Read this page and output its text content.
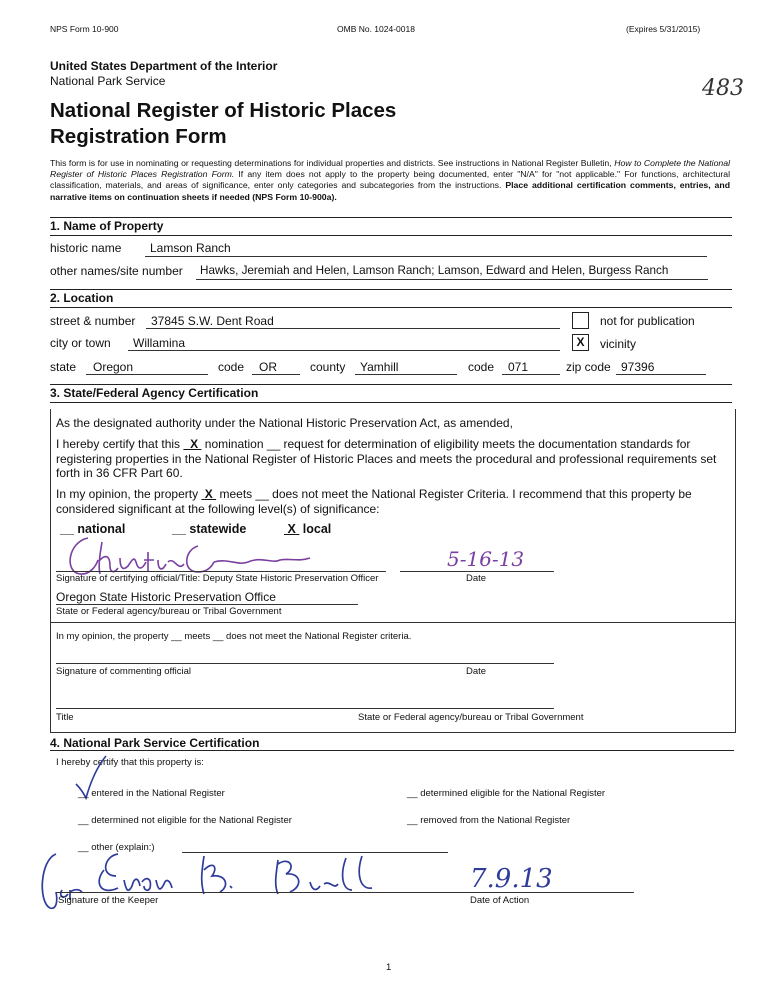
NPS Form 10-900	OMB No. 1024-0018	(Expires 5/31/2015)
483
United States Department of the Interior
National Park Service
National Register of Historic Places
Registration Form
This form is for use in nominating or requesting determinations for individual properties and districts. See instructions in National Register Bulletin, How to Complete the National Register of Historic Places Registration Form. If any item does not apply to the property being documented, enter "N/A" for "not applicable." For functions, architectural classification, materials, and areas of significance, enter only categories and subcategories from the instructions. Place additional certification comments, entries, and narrative items on continuation sheets if needed (NPS Form 10-900a).
1. Name of Property
historic name Lamson Ranch
other names/site number Hawks, Jeremiah and Helen, Lamson Ranch; Lamson, Edward and Helen, Burgess Ranch
2. Location
street & number 37845 S.W. Dent Road	not for publication
city or town Willamina	X	vicinity
state Oregon	code OR	county Yamhill	code 071	zip code 97396
3. State/Federal Agency Certification
As the designated authority under the National Historic Preservation Act, as amended,
I hereby certify that this X nomination __ request for determination of eligibility meets the documentation standards for registering properties in the National Register of Historic Places and meets the procedural and professional requirements set forth in 36 CFR Part 60.
In my opinion, the property X meets __ does not meet the National Register Criteria. I recommend that this property be considered significant at the following level(s) of significance:
__ national	__ statewide	X local
5-16-13
Signature of certifying official/Title: Deputy State Historic Preservation Officer	Date
Oregon State Historic Preservation Office
State or Federal agency/bureau or Tribal Government
In my opinion, the property __ meets __ does not meet the National Register criteria.
Signature of commenting official	Date
Title	State or Federal agency/bureau or Tribal Government
4. National Park Service Certification
I hereby certify that this property is:
__ entered in the National Register	__ determined eligible for the National Register
__ determined not eligible for the National Register	__ removed from the National Register
__ other (explain:)
7.9.13
Signature of the Keeper	Date of Action
1
